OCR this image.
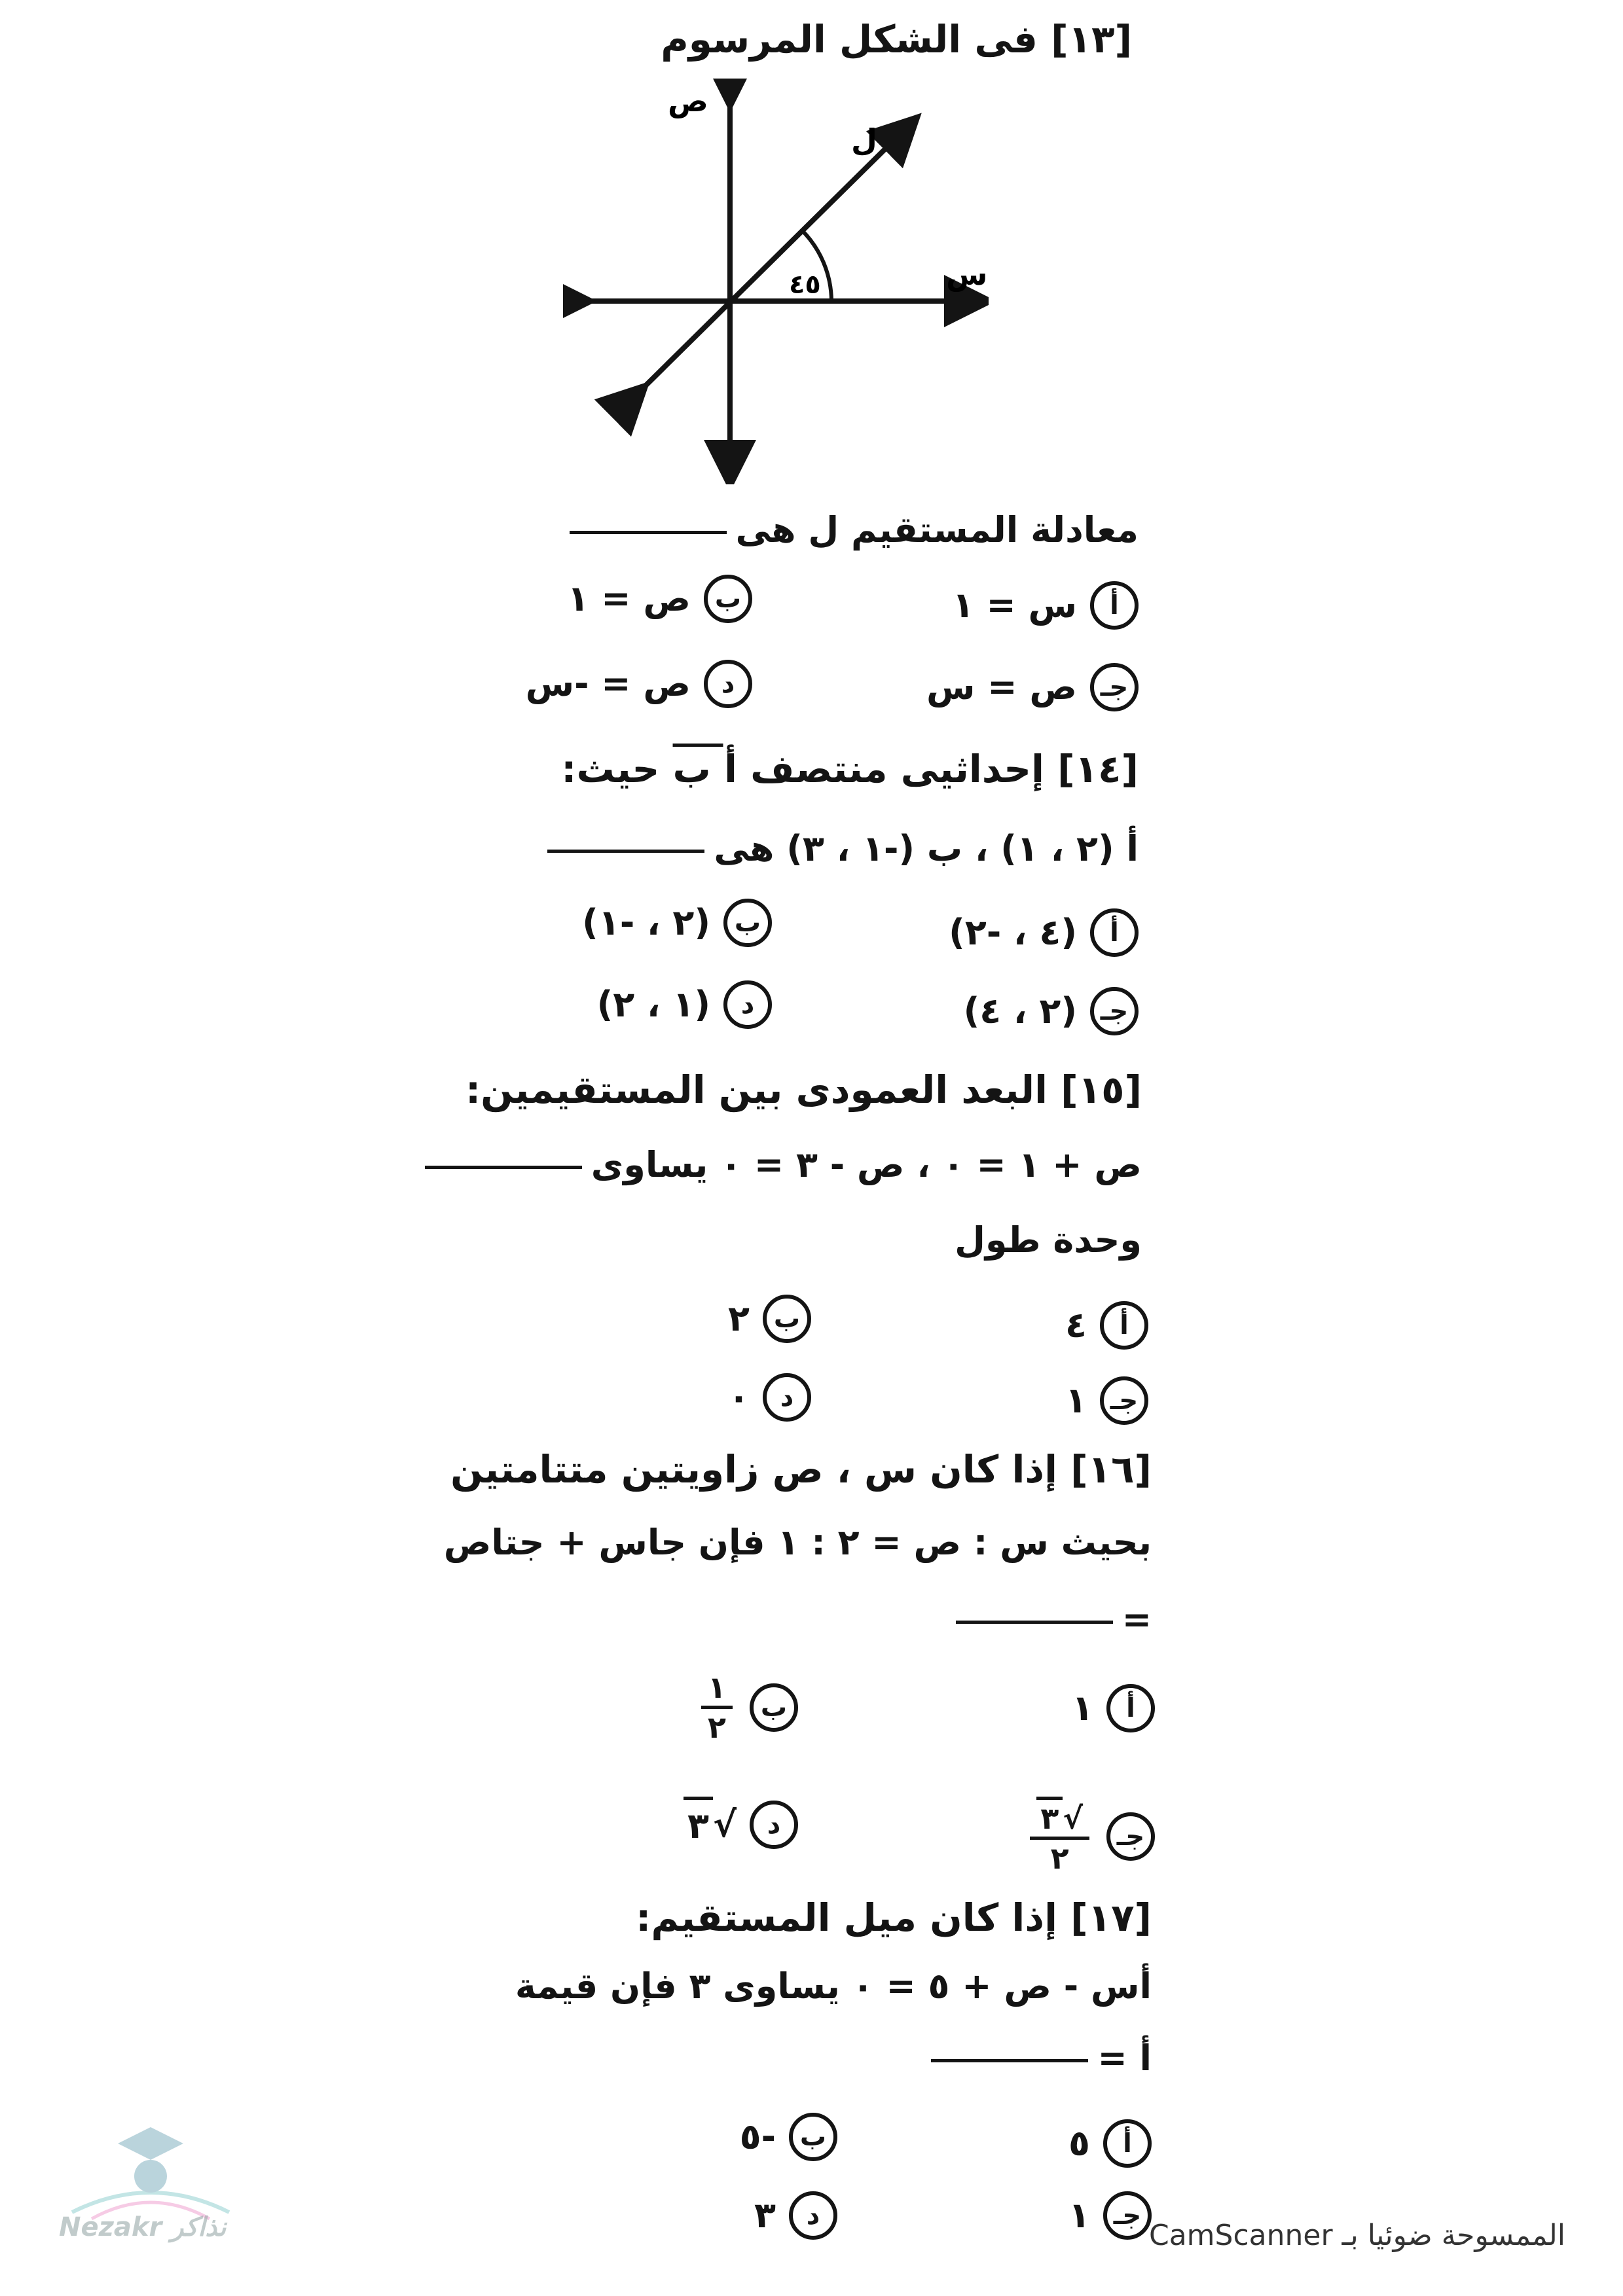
[١٣] فى الشكل المرسوم
٤٥
ل
س
ص
معادلة المستقيم ل هى
أ
س = ١
ب
ص = ١
جـ
ص = س
د
ص = -س
[١٤] إحداثيى منتصف أ ب حيث:
أ (٢ ، ١) ، ب (-١ ، ٣) هى
أ
(٤ ، -٢)
ب
(٢ ، -١)
جـ
(٢ ، ٤)
د
(١ ، ٢)
[١٥] البعد العمودى بين المستقيمين:
ص + ١ = ٠ ، ص - ٣ = ٠ يساوى
وحدة طول
أ
٤
ب
٢
جـ
١
د
٠
[١٦] إذا كان س ، ص زاويتين متتامتين
بحيث س : ص = ٢ : ١ فإن جاس + جتاص
=
أ
١
ب
$\frac{١}{٢}$
جـ
$\frac{√٣}{٢}$
د
√
٣
[١٧] إذا كان ميل المستقيم:
أس - ص + ٥ = ٠ يساوى ٣ فإن قيمة
أ =
أ
٥
ب
-٥
جـ
١
د
٣
Nezakr نذاكر	الممسوحة ضوئيا بـ CamScanner
